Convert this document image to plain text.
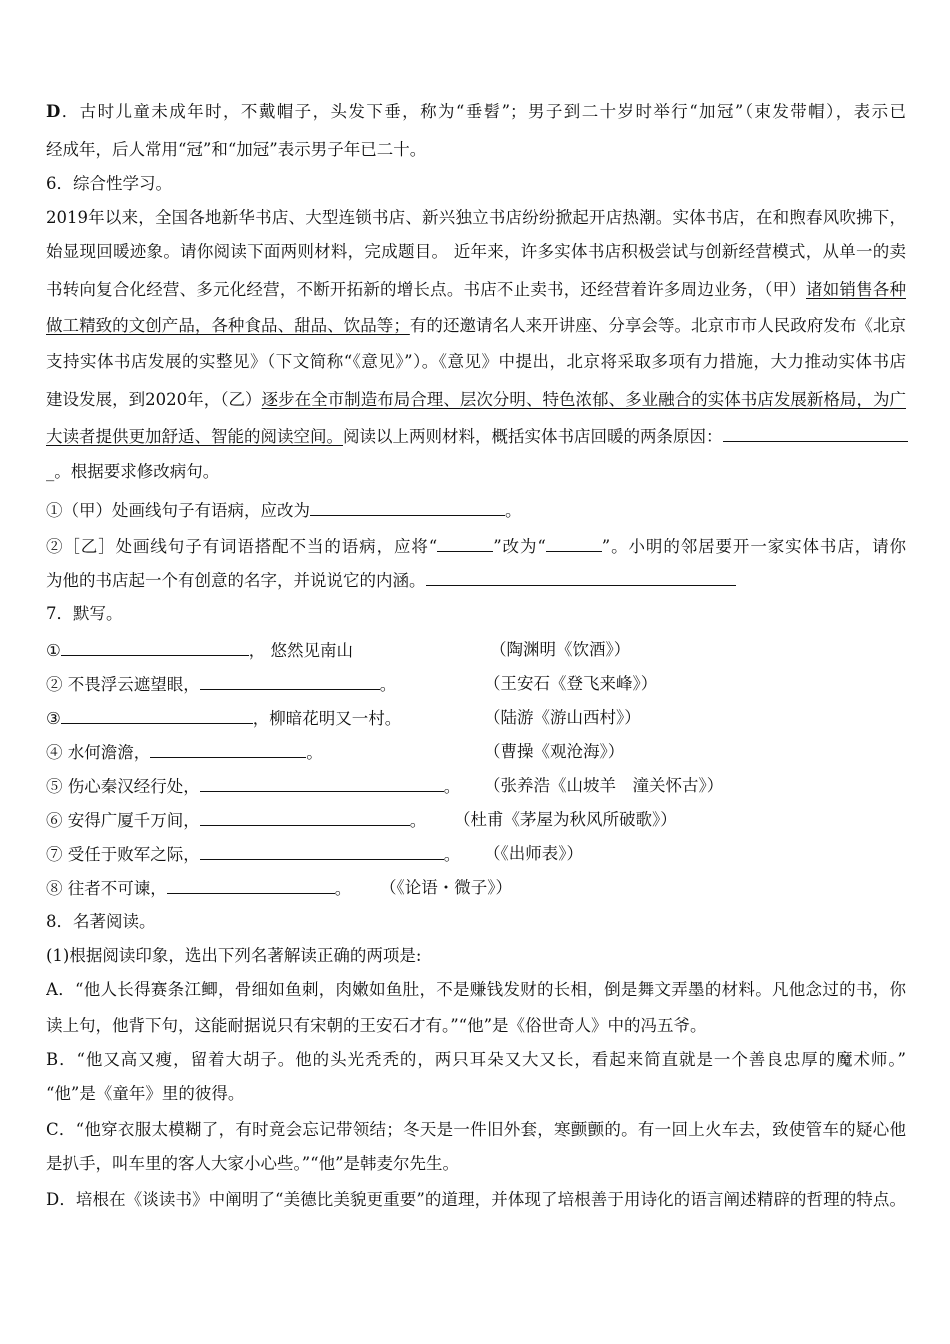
D．古时儿童未成年时，不戴帽子，头发下垂，称为“垂髫”；男子到二十岁时举行“加冠”（束发带帽），表示已
经成年，后人常用“冠”和“加冠”表示男子年已二十。
6．综合性学习。
2019年以来，全国各地新华书店、大型连锁书店、新兴独立书店纷纷掀起开店热潮。实体书店，在和煦春风吹拂下，
始显现回暖迹象。请你阅读下面两则材料，完成题目。 近年来，许多实体书店积极尝试与创新经营模式，从单一的卖
书转向复合化经营、多元化经营，不断开拓新的增长点。书店不止卖书，还经营着许多周边业务，（甲）诸如销售各种
做工精致的文创产品，各种食品、甜品、饮品等；有的还邀请名人来开讲座、分享会等。北京市市人民政府发布《北京
支持实体书店发展的实整见》（下文简称“《意见》”）。《意见》中提出，北京将采取多项有力措施，大力推动实体书店
建设发展，到2020年，（乙）逐步在全市制造布局合理、层次分明、特色浓郁、多业融合的实体书店发展新格局，为广
大读者提供更加舒适、智能的阅读空间。阅读以上两则材料，概括实体书店回暖的两条原因：
_。根据要求修改病句。
①（甲）处画线句子有语病，应改为	。
②［乙］处画线句子有词语搭配不当的语病，应将“	”改为“	”。小明的邻居要开一家实体书店，请你
为他的书店起一个有创意的名字，并说说它的内涵。
7．默写。
①	， 悠然见南山	（陶渊明《饮酒》）
② 不畏浮云遮望眼，	。	（王安石《登飞来峰》）
③	，柳暗花明又一村。	（陆游《游山西村》）
④ 水何澹澹，	。	（曹操《观沧海》）
⑤ 伤心秦汉经行处，	。 （张养浩《山坡羊　潼关怀古》）
⑥ 安得广厦千万间，	。 （杜甫《茅屋为秋风所破歌》）
⑦ 受任于败军之际，	。 （《出师表》）
⑧ 往者不可谏，	。 （《论语・微子》）
8．名著阅读。
(1)根据阅读印象，选出下列名著解读正确的两项是:
A．“他人长得赛条江鲫，骨细如鱼刺，肉嫩如鱼肚，不是赚钱发财的长相，倒是舞文弄墨的材料。凡他念过的书，你
读上句，他背下句，这能耐据说只有宋朝的王安石才有。”“他”是《俗世奇人》中的冯五爷。
B．“他又高又瘦，留着大胡子。他的头光秃秃的，两只耳朵又大又长，看起来简直就是一个善良忠厚的魔术师。”
“他”是《童年》里的彼得。
C．“他穿衣服太模糊了，有时竟会忘记带领结；冬天是一件旧外套，寒颤颤的。有一回上火车去，致使管车的疑心他
是扒手，叫车里的客人大家小心些。”“他”是韩麦尔先生。
D．培根在《谈读书》中阐明了“美德比美貌更重要”的道理，并体现了培根善于用诗化的语言阐述精辟的哲理的特点。
